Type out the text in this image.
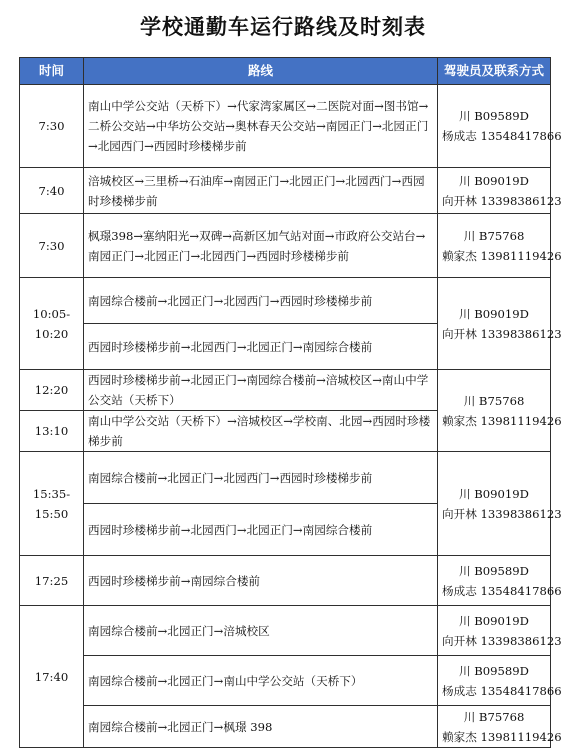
学校通勤车运行路线及时刻表
时间	路线	驾驶员及联系方式
7:30	南山中学公交站（天桥下）→代家湾家属区→二医院对面→图书馆→二桥公交站→中华坊公交站→奥林春天公交站→南园正门→北园正门→北园西门→西园时珍楼梯步前	川 B09589D
杨成志 13548417866

7:40	涪城校区→三里桥→石油库→南园正门→北园正门→北园西门→西园时珍楼梯步前	川 B09019D
向开林 13398386123

7:30	枫璟398→塞纳阳光→双碑→高新区加气站对面→市政府公交站台→南园正门→北园正门→北园西门→西园时珍楼梯步前	川 B75768
赖家杰 13981119426

10:05-
10:20	南园综合楼前→北园正门→北园西门→西园时珍楼梯步前	川 B09019D
向开林 13398386123

	西园时珍楼梯步前→北园西门→北园正门→南园综合楼前	
12:20	西园时珍楼梯步前→北园正门→南园综合楼前→涪城校区→南山中学公交站（天桥下）	川 B75768
赖家杰 13981119426

13:10	南山中学公交站（天桥下）→涪城校区→学校南、北园→西园时珍楼梯步前	

15:35-
15:50	南园综合楼前→北园正门→北园西门→西园时珍楼梯步前	川 B09019D
向开林 13398386123

	西园时珍楼梯步前→北园西门→北园正门→南园综合楼前	
17:25	西园时珍楼梯步前→南园综合楼前	川 B09589D
杨成志 13548417866

17:40	南园综合楼前→北园正门→涪城校区	川 B09019D
向开林 13398386123

	南园综合楼前→北园正门→南山中学公交站（天桥下）	川 B09589D
杨成志 13548417866

	南园综合楼前→北园正门→枫璟 398	川 B75768
赖家杰 13981119426
